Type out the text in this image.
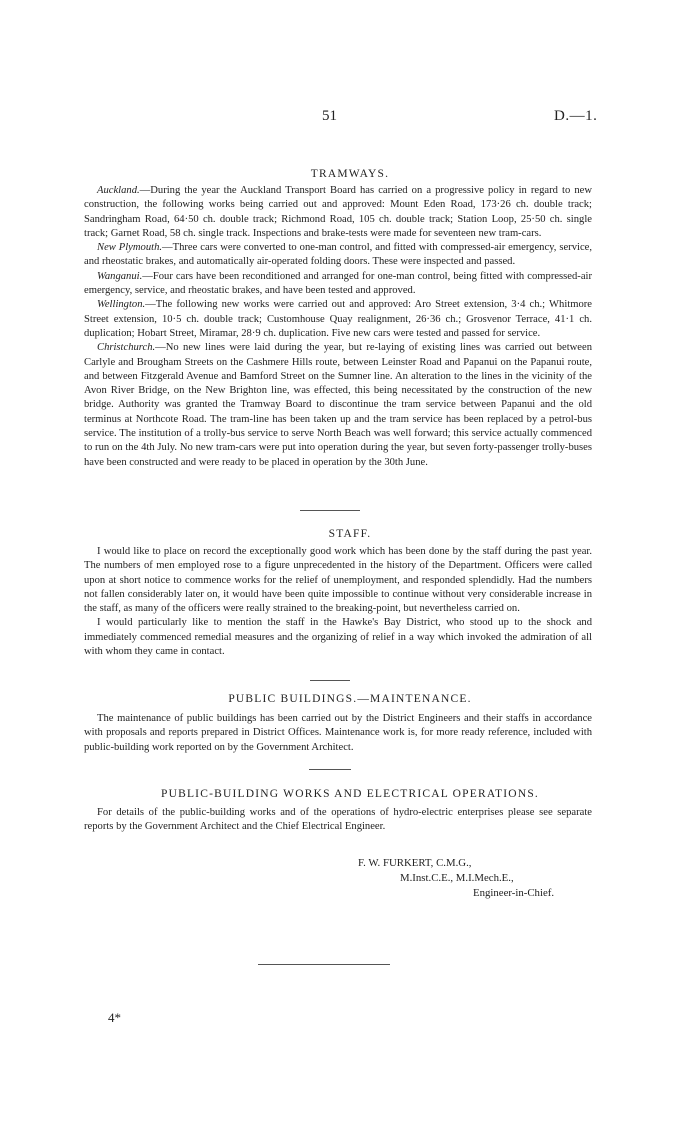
51	D.—1.
TRAMWAYS.

Auckland.—During the year the Auckland Transport Board has carried on a progressive policy in regard to new construction, the following works being carried out and approved: Mount Eden Road, 173·26 ch. double track; Sandringham Road, 64·50 ch. double track; Richmond Road, 105 ch. double track; Station Loop, 25·50 ch. single track; Garnet Road, 58 ch. single track. Inspections and brake-tests were made for seventeen new tram-cars.

New Plymouth.—Three cars were converted to one-man control, and fitted with compressed-air emergency, service, and rheostatic brakes, and automatically air-operated folding doors. These were inspected and passed.

Wanganui.—Four cars have been reconditioned and arranged for one-man control, being fitted with compressed-air emergency, service, and rheostatic brakes, and have been tested and approved.

Wellington.—The following new works were carried out and approved: Aro Street extension, 3·4 ch.; Whitmore Street extension, 10·5 ch. double track; Customhouse Quay realignment, 26·36 ch.; Grosvenor Terrace, 41·1 ch. duplication; Hobart Street, Miramar, 28·9 ch. duplication. Five new cars were tested and passed for service.

Christchurch.—No new lines were laid during the year, but re-laying of existing lines was carried out between Carlyle and Brougham Streets on the Cashmere Hills route, between Leinster Road and Papanui on the Papanui route, and between Fitzgerald Avenue and Bamford Street on the Sumner line. An alteration to the lines in the vicinity of the Avon River Bridge, on the New Brighton line, was effected, this being necessitated by the construction of the new bridge. Authority was granted the Tramway Board to discontinue the tram service between Papanui and the old terminus at Northcote Road. The tram-line has been taken up and the tram service has been replaced by a petrol-bus service. The institution of a trolly-bus service to serve North Beach was well forward; this service actually commenced to run on the 4th July. No new tram-cars were put into operation during the year, but seven forty-passenger trolly-buses have been constructed and were ready to be placed in operation by the 30th June.

STAFF.

I would like to place on record the exceptionally good work which has been done by the staff during the past year. The numbers of men employed rose to a figure unprecedented in the history of the Department. Officers were called upon at short notice to commence works for the relief of unemployment, and responded splendidly. Had the numbers not fallen considerably later on, it would have been quite impossible to continue without very considerable increase in the staff, as many of the officers were really strained to the breaking-point, but nevertheless carried on.

I would particularly like to mention the staff in the Hawke's Bay District, who stood up to the shock and immediately commenced remedial measures and the organizing of relief in a way which invoked the admiration of all with whom they came in contact.

PUBLIC BUILDINGS.—MAINTENANCE.

The maintenance of public buildings has been carried out by the District Engineers and their staffs in accordance with proposals and reports prepared in District Offices. Maintenance work is, for more ready reference, included with public-building work reported on by the Government Architect.

PUBLIC-BUILDING WORKS AND ELECTRICAL OPERATIONS.

For details of the public-building works and of the operations of hydro-electric enterprises please see separate reports by the Government Architect and the Chief Electrical Engineer.

F. W. FURKERT, C.M.G.,
M.Inst.C.E., M.I.Mech.E.,
Engineer-in-Chief.
4*
